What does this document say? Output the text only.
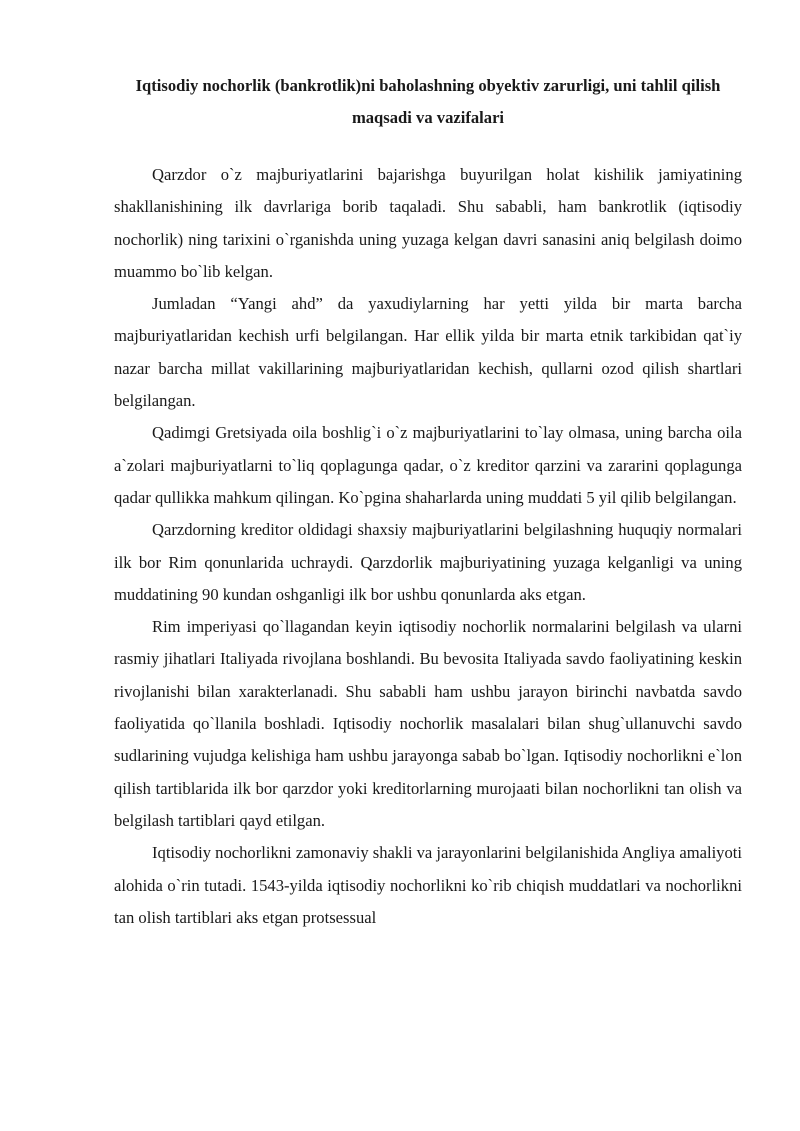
Iqtisodiy nochorlik (bankrotlik)ni baholashning obyektiv zarurligi, uni tahlil qilish maqsadi va vazifalari

Qarzdor o`z majburiyatlarini bajarishga buyurilgan holat kishilik jamiyatining shakllanishining ilk davrlariga borib taqaladi. Shu sababli, ham bankrotlik (iqtisodiy nochorlik) ning tarixini o`rganishda uning yuzaga kelgan davri sanasini aniq belgilash doimo muammo bo`lib kelgan.

Jumladan “Yangi ahd” da yaxudiylarning har yetti yilda bir marta barcha majburiyatlaridan kechish urfi belgilangan. Har ellik yilda bir marta etnik tarkibidan qat`iy nazar barcha millat vakillarining majburiyatlaridan kechish, qullarni ozod qilish shartlari belgilangan.

Qadimgi Gretsiyada oila boshlig`i o`z majburiyatlarini to`lay olmasa, uning barcha oila a`zolari majburiyatlarni to`liq qoplagunga qadar, o`z kreditor qarzini va zararini qoplagunga qadar qullikka mahkum qilingan. Ko`pgina shaharlarda uning muddati 5 yil qilib belgilangan.

Qarzdorning kreditor oldidagi shaxsiy majburiyatlarini belgilashning huquqiy normalari ilk bor Rim qonunlarida uchraydi. Qarzdorlik majburiyatining yuzaga kelganligi va uning muddatining 90 kundan oshganligi ilk bor ushbu qonunlarda aks etgan.

Rim imperiyasi qo`llagandan keyin iqtisodiy nochorlik normalarini belgilash va ularni rasmiy jihatlari Italiyada rivojlana boshlandi. Bu bevosita Italiyada savdo faoliyatining keskin rivojlanishi bilan xarakterlanadi. Shu sababli ham ushbu jarayon birinchi navbatda savdo faoliyatida qo`llanila boshladi. Iqtisodiy nochorlik masalalari bilan shug`ullanuvchi savdo sudlarining vujudga kelishiga ham ushbu jarayonga sabab bo`lgan. Iqtisodiy nochorlikni e`lon qilish tartiblarida ilk bor qarzdor yoki kreditorlarning murojaati bilan nochorlikni tan olish va belgilash tartiblari qayd etilgan.

Iqtisodiy nochorlikni zamonaviy shakli va jarayonlarini belgilanishida Angliya amaliyoti alohida o`rin tutadi. 1543-yilda iqtisodiy nochorlikni ko`rib chiqish muddatlari va nochorlikni tan olish tartiblari aks etgan protsessual
